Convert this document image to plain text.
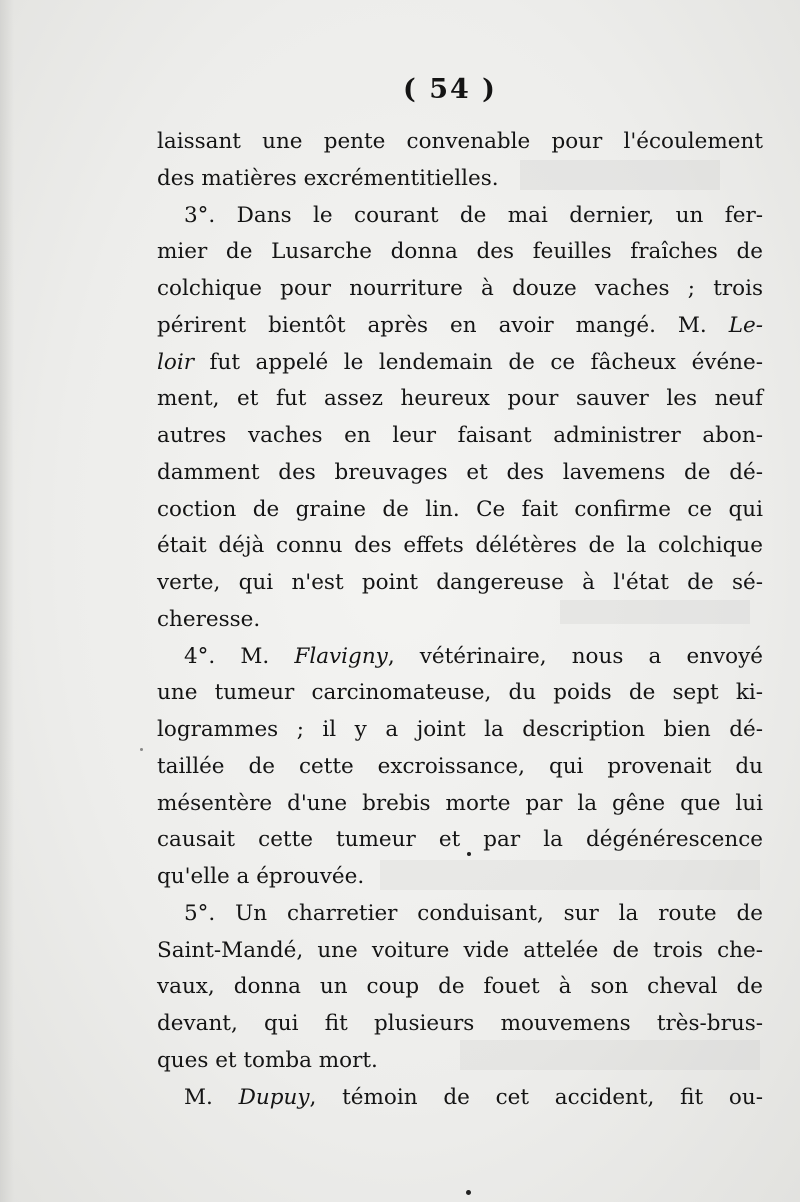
( 54 )
laissant une pente convenable pour l'écoulement
des matières excrémentitielles.
3°. Dans le courant de mai dernier, un fer-
mier de Lusarche donna des feuilles fraîches de
colchique pour nourriture à douze vaches ; trois
périrent bientôt après en avoir mangé. M. Le-
loir fut appelé le lendemain de ce fâcheux événe-
ment, et fut assez heureux pour sauver les neuf
autres vaches en leur faisant administrer abon-
damment des breuvages et des lavemens de dé-
coction de graine de lin. Ce fait confirme ce qui
était déjà connu des effets délétères de la colchique
verte, qui n'est point dangereuse à l'état de sé-
cheresse.
4°. M. Flavigny, vétérinaire, nous a envoyé
une tumeur carcinomateuse, du poids de sept ki-
logrammes ; il y a joint la description bien dé-
taillée de cette excroissance, qui provenait du
mésentère d'une brebis morte par la gêne que lui
causait cette tumeur et par la dégénérescence
qu'elle a éprouvée.
5°. Un charretier conduisant, sur la route de
Saint-Mandé, une voiture vide attelée de trois che-
vaux, donna un coup de fouet à son cheval de
devant, qui fit plusieurs mouvemens très-brus-
ques et tomba mort.
M. Dupuy, témoin de cet accident, fit ou-
